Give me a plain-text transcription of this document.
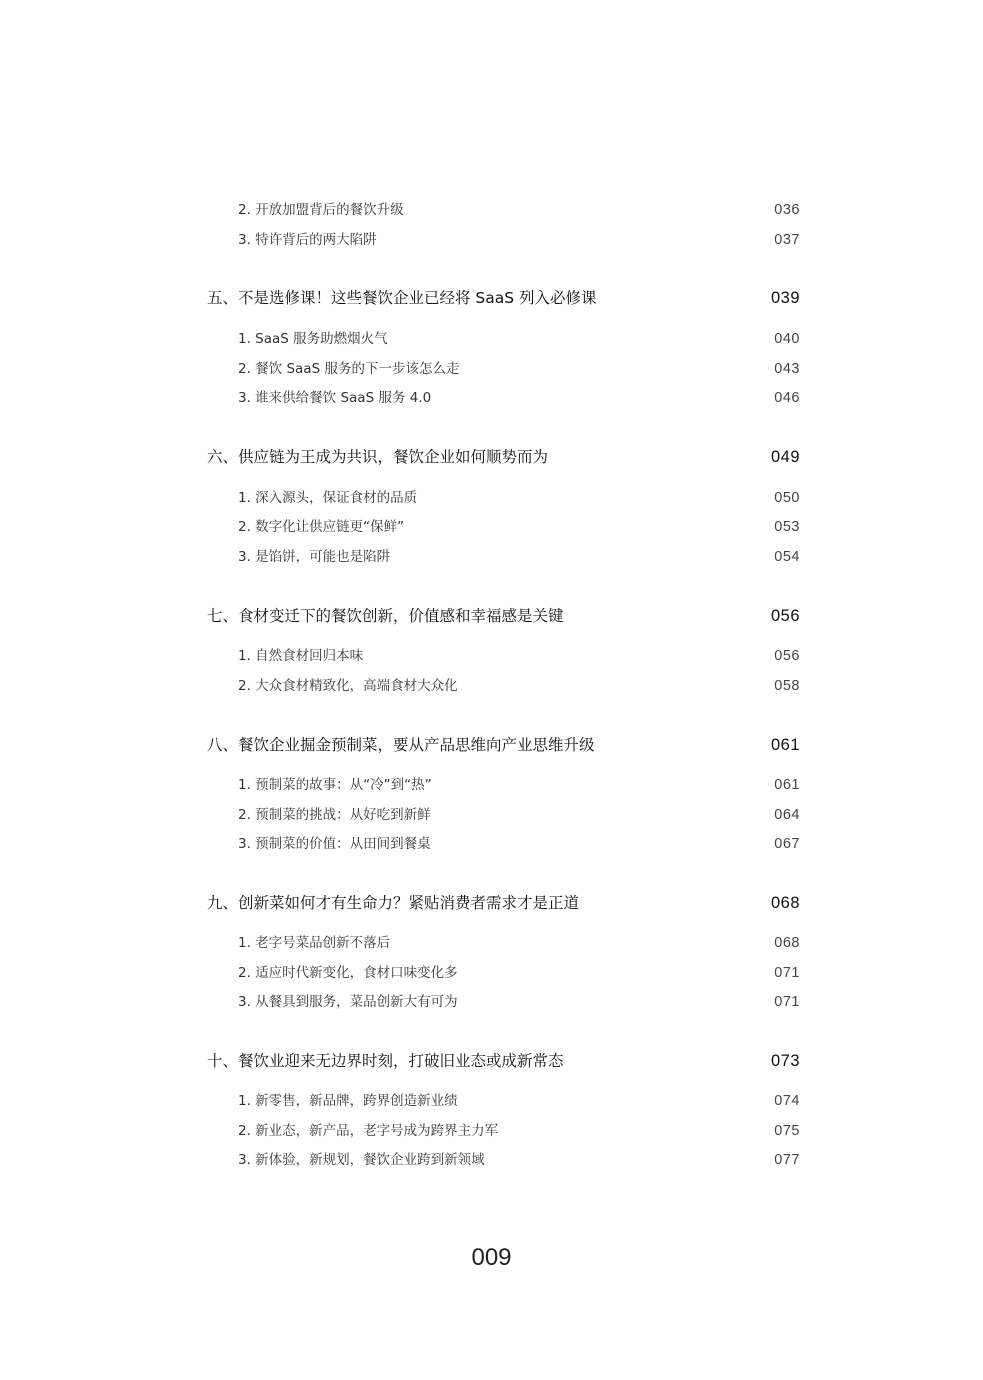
2. 开放加盟背后的餐饮升级	036
3. 特许背后的两大陷阱	037
五、不是选修课！这些餐饮企业已经将 SaaS 列入必修课	039
1. SaaS 服务助燃烟火气	040
2. 餐饮 SaaS 服务的下一步该怎么走	043
3. 谁来供给餐饮 SaaS 服务 4.0	046
六、供应链为王成为共识，餐饮企业如何顺势而为	049
1. 深入源头，保证食材的品质	050
2. 数字化让供应链更“保鲜”	053
3. 是馅饼，可能也是陷阱	054
七、食材变迁下的餐饮创新，价值感和幸福感是关键	056
1. 自然食材回归本味	056
2. 大众食材精致化，高端食材大众化	058
八、餐饮企业掘金预制菜，要从产品思维向产业思维升级	061
1. 预制菜的故事：从“冷”到“热”	061
2. 预制菜的挑战：从好吃到新鲜	064
3. 预制菜的价值：从田间到餐桌	067
九、创新菜如何才有生命力？紧贴消费者需求才是正道	068
1. 老字号菜品创新不落后	068
2. 适应时代新变化，食材口味变化多	071
3. 从餐具到服务，菜品创新大有可为	071
十、餐饮业迎来无边界时刻，打破旧业态或成新常态	073
1. 新零售，新品牌，跨界创造新业绩	074
2. 新业态，新产品，老字号成为跨界主力军	075
3. 新体验，新规划，餐饮企业跨到新领域	077
009
